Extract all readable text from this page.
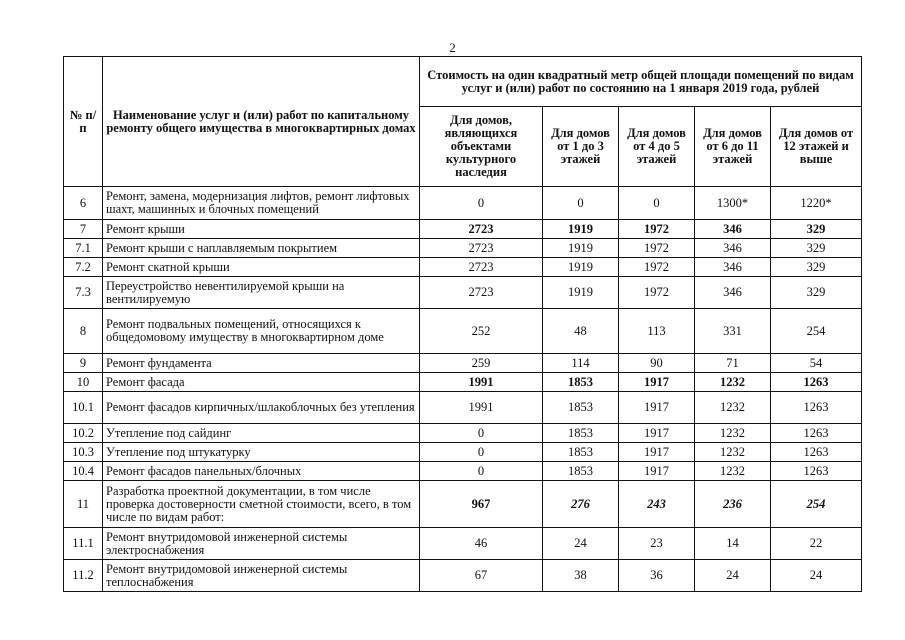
2
№ п/п	Наименование услуг и (или) работ по капитальному ремонту общего имущества в многоквартирных домах	Стоимость на один квадратный метр общей площади помещений по видам услуг и (или) работ по состоянию на 1 января 2019 года, рублей				
		Для домов, являющихся объектами культурного наследия	Для домов от 1 до 3 этажей	Для домов от 4 до 5 этажей	Для домов от 6 до 11 этажей	Для домов от 12 этажей и выше
6	Ремонт, замена, модернизация лифтов, ремонт лифтовых шахт, машинных и блочных помещений	0	0	0	1300*	1220*
7	Ремонт крыши	2723	1919	1972	346	329
7.1	Ремонт крыши с наплавляемым покрытием	2723	1919	1972	346	329
7.2	Ремонт скатной крыши	2723	1919	1972	346	329
7.3	Переустройство невентилируемой крыши на вентилируемую	2723	1919	1972	346	329
8	Ремонт подвальных помещений, относящихся к общедомовому имуществу в многоквартирном доме	252	48	113	331	254
9	Ремонт фундамента	259	114	90	71	54
10	Ремонт фасада	1991	1853	1917	1232	1263
10.1	Ремонт фасадов кирпичных/шлакоблочных без утепления	1991	1853	1917	1232	1263
10.2	Утепление под сайдинг	0	1853	1917	1232	1263
10.3	Утепление под штукатурку	0	1853	1917	1232	1263
10.4	Ремонт фасадов панельных/блочных	0	1853	1917	1232	1263
11	Разработка проектной документации, в том числе проверка достоверности сметной стоимости, всего, в том числе по видам работ:	967	276	243	236	254
11.1	Ремонт внутридомовой инженерной системы электроснабжения	46	24	23	14	22
11.2	Ремонт внутридомовой инженерной системы теплоснабжения	67	38	36	24	24
